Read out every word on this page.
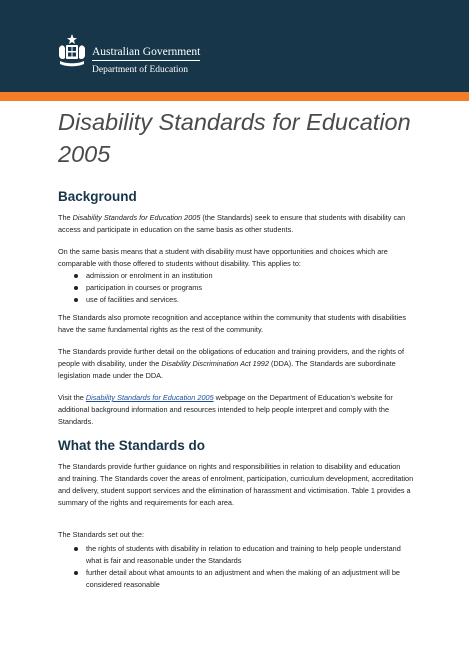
Australian Government
Department of Education
Disability Standards for Education
2005
Background

The Disability Standards for Education 2005 (the Standards) seek to ensure that students with disability can access and participate in education on the same basis as other students.

On the same basis means that a student with disability must have opportunities and choices which are comparable with those offered to students without disability. This applies to:

admission or enrolment in an institution
participation in courses or programs
use of facilities and services.

The Standards also promote recognition and acceptance within the community that students with disabilities have the same fundamental rights as the rest of the community.

The Standards provide further detail on the obligations of education and training providers, and the rights of people with disability, under the Disability Discrimination Act 1992 (DDA). The Standards are subordinate legislation made under the DDA.

Visit the Disability Standards for Education 2005 webpage on the Department of Education’s website for additional background information and resources intended to help people interpret and comply with the Standards.

What the Standards do

The Standards provide further guidance on rights and responsibilities in relation to disability and education and training. The Standards cover the areas of enrolment, participation, curriculum development, accreditation and delivery, student support services and the elimination of harassment and victimisation. Table 1 provides a summary of the rights and requirements for each area.

The Standards set out the:

the rights of students with disability in relation to education and training to help people understand what is fair and reasonable under the Standards
further detail about what amounts to an adjustment and when the making of an adjustment will be considered reasonable
